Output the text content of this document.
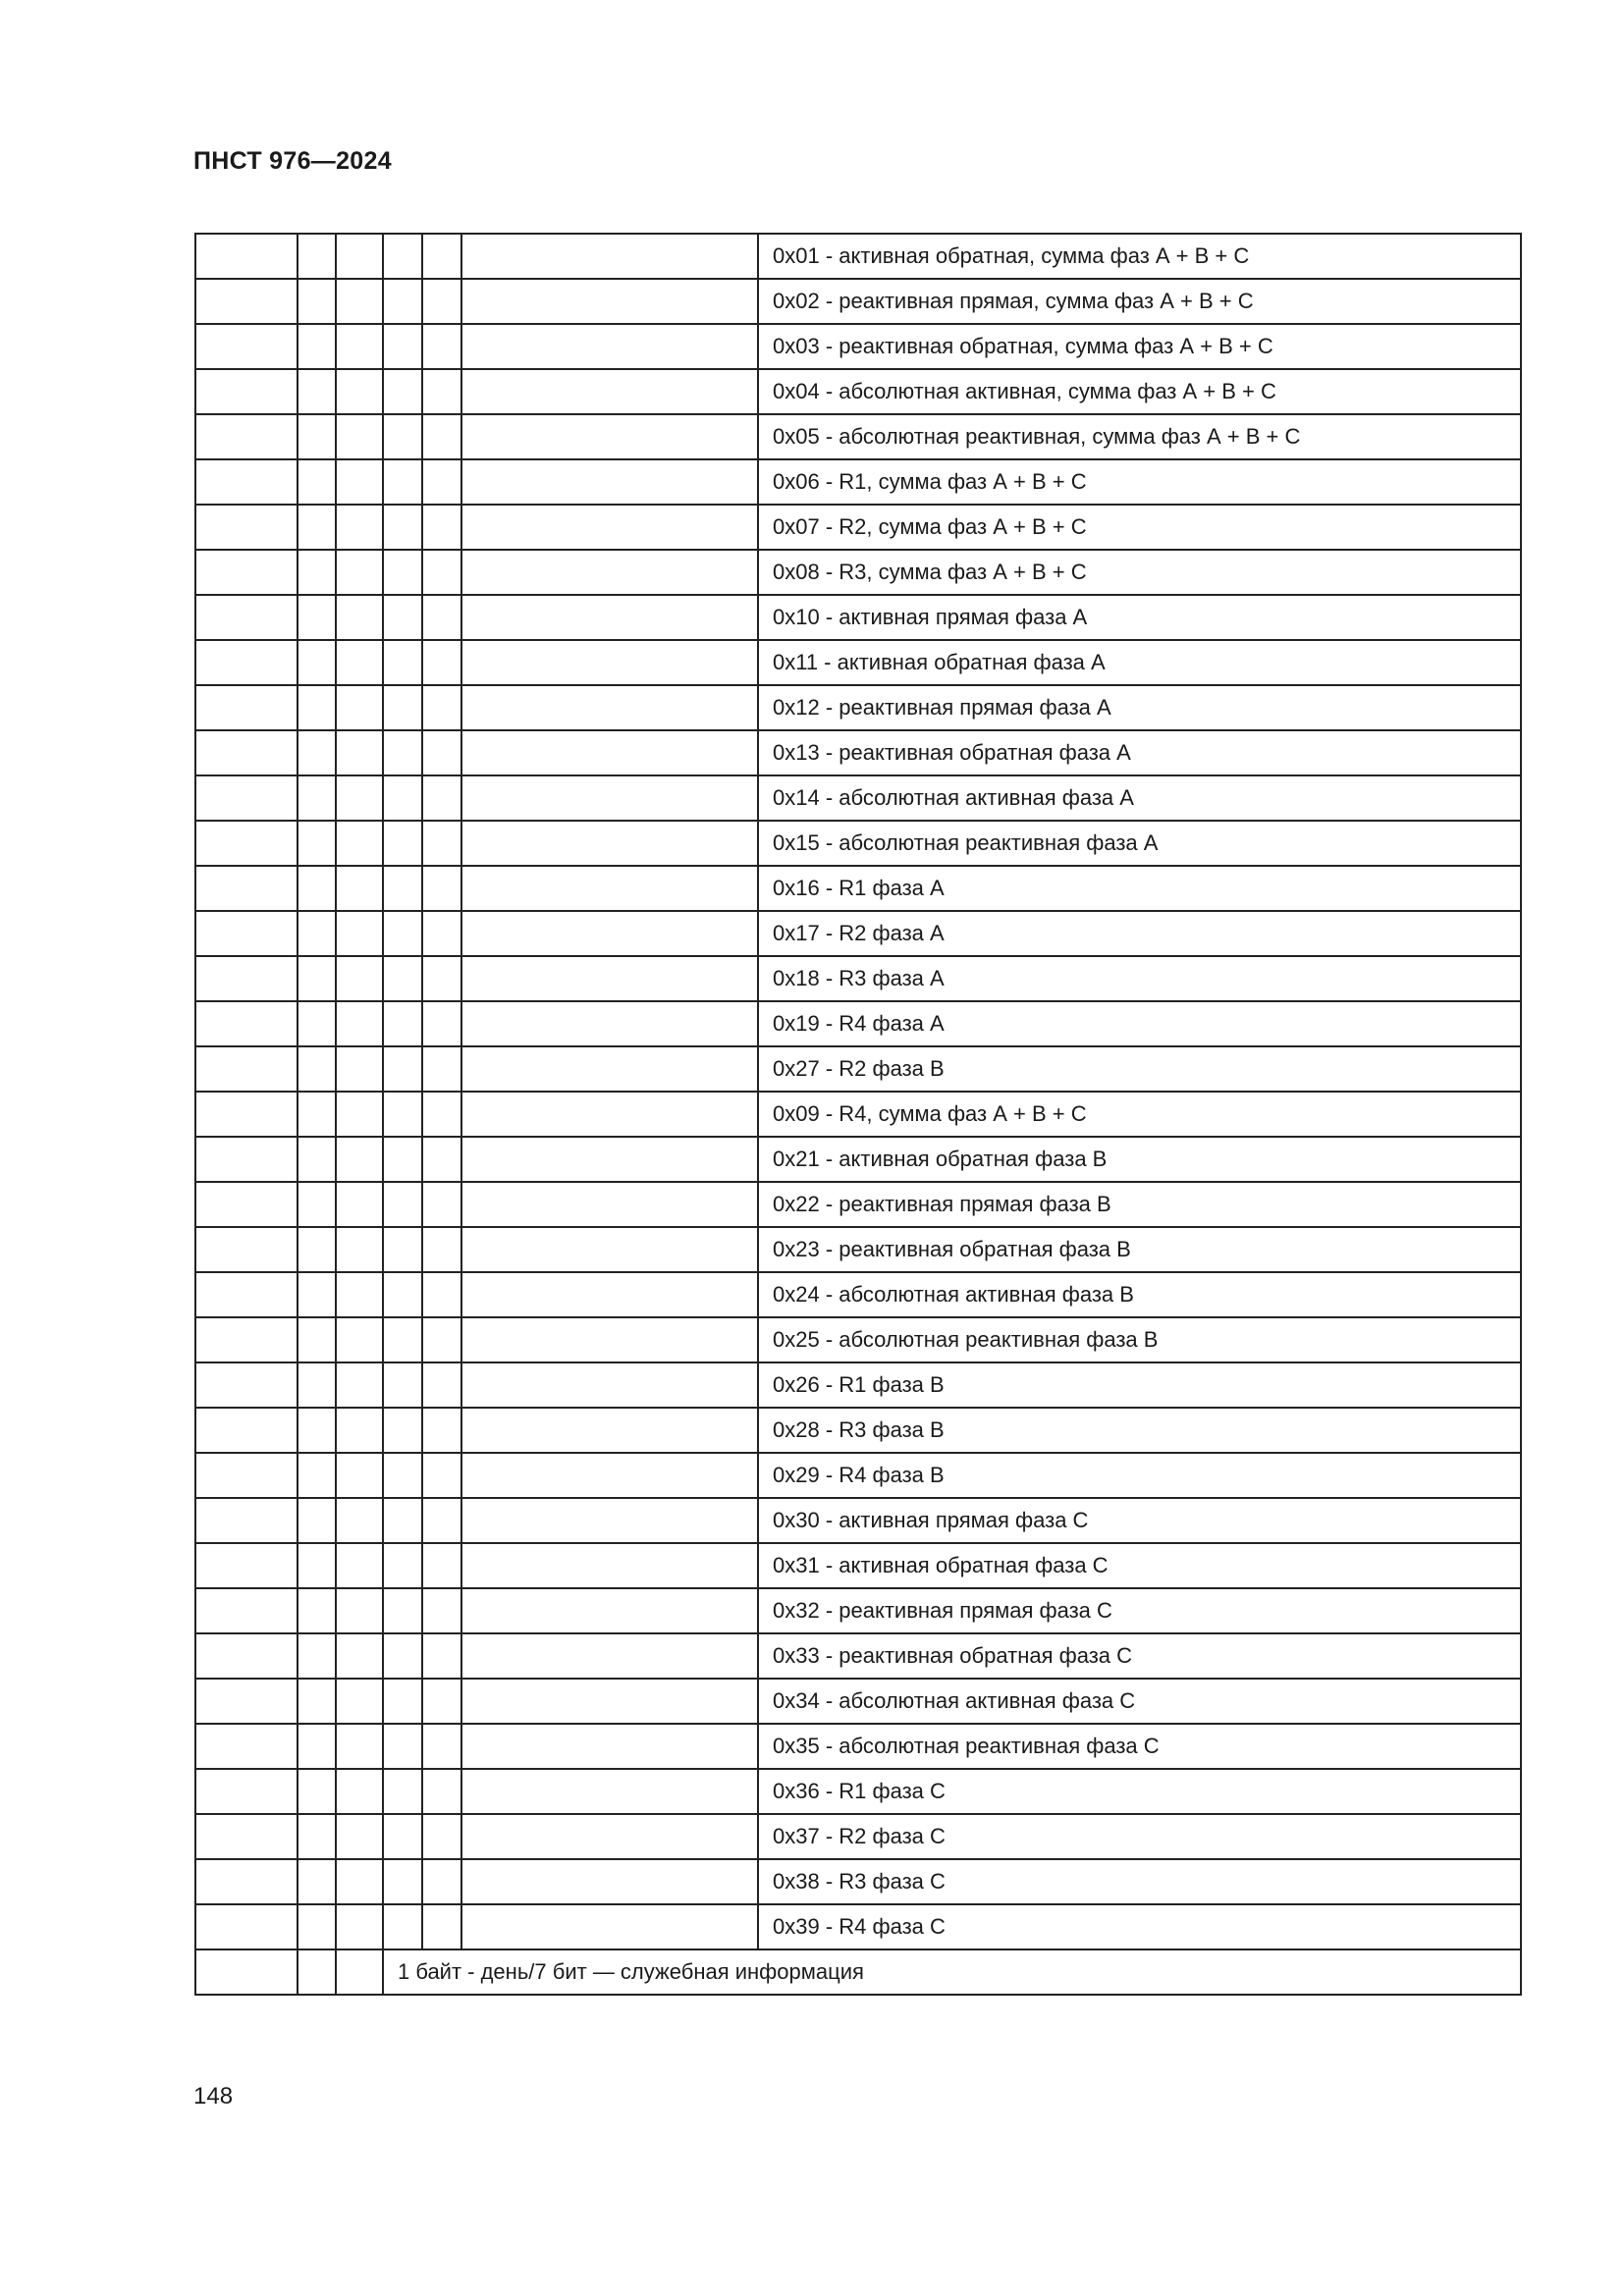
ПНСТ 976—2024
						0x01 - активная обратная, сумма фаз А + В + С
						0x02 - реактивная прямая, сумма фаз А + В + С
						0x03 - реактивная обратная, сумма фаз А + В + С
						0x04 - абсолютная активная, сумма фаз А + В + С
						0x05 - абсолютная реактивная, сумма фаз А + В + С
						0x06 - R1, сумма фаз А + В + С
						0x07 - R2, сумма фаз А + В + С
						0x08 - R3, сумма фаз А + В + С
						0x10 - активная прямая фаза А
						0x11 - активная обратная фаза А
						0x12 - реактивная прямая фаза А
						0x13 - реактивная обратная фаза А
						0x14 - абсолютная активная фаза А
						0x15 - абсолютная реактивная фаза А
						0x16 - R1 фаза А
						0x17 - R2 фаза А
						0x18 - R3 фаза А
						0x19 - R4 фаза А
						0x27 - R2 фаза В
						0x09 - R4, сумма фаз А + В + С
						0x21 - активная обратная фаза В
						0x22 - реактивная прямая фаза В
						0x23 - реактивная обратная фаза В
						0x24 - абсолютная активная фаза В
						0x25 - абсолютная реактивная фаза В
						0x26 - R1 фаза В
						0x28 - R3 фаза В
						0x29 - R4 фаза В
						0x30 - активная прямая фаза С
						0x31 - активная обратная фаза С
						0x32 - реактивная прямая фаза С
						0x33 - реактивная обратная фаза С
						0x34 - абсолютная активная фаза С
						0x35 - абсолютная реактивная фаза С
						0x36 - R1 фаза С
						0x37 - R2 фаза С
						0x38 - R3 фаза С
						0x39 - R4 фаза С
			1 байт - день/7 бит — служебная информация			
148
